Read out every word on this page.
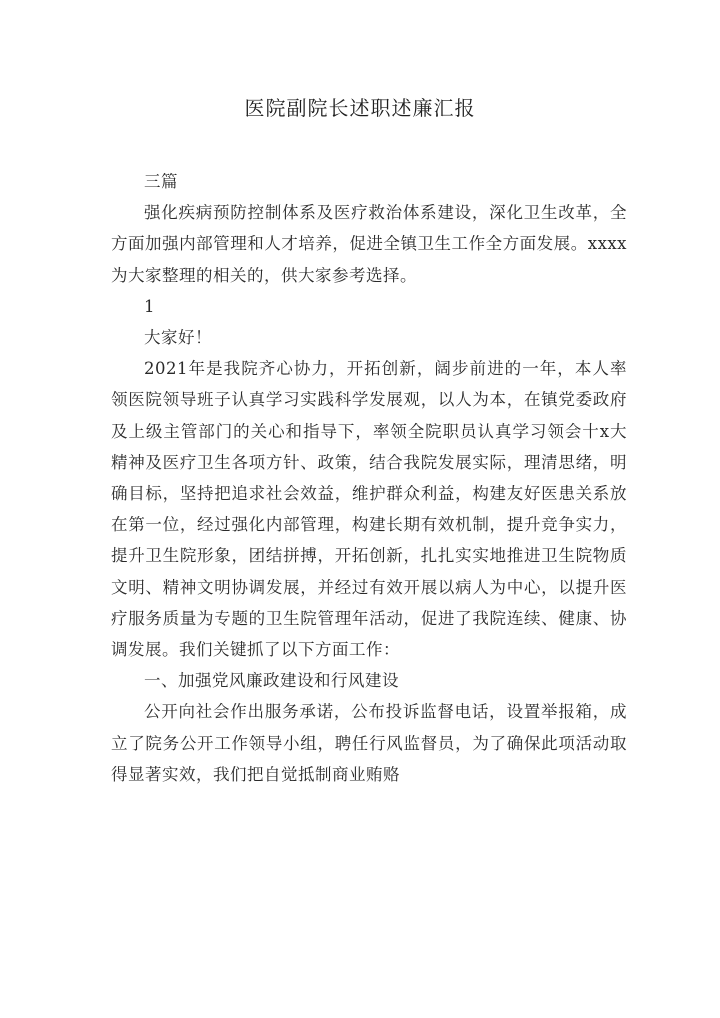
医院副院长述职述廉汇报

三篇

强化疾病预防控制体系及医疗救治体系建设，深化卫生改革，全方面加强内部管理和人才培养，促进全镇卫生工作全方面发展。xxxx为大家整理的相关的，供大家参考选择。

1

大家好！

2021年是我院齐心协力，开拓创新，阔步前进的一年，本人率领医院领导班子认真学习实践科学发展观，以人为本，在镇党委政府及上级主管部门的关心和指导下，率领全院职员认真学习领会十x大精神及医疗卫生各项方针、政策，结合我院发展实际，理清思绪，明确目标，坚持把追求社会效益，维护群众利益，构建友好医患关系放在第一位，经过强化内部管理，构建长期有效机制，提升竞争实力，提升卫生院形象，团结拼搏，开拓创新，扎扎实实地推进卫生院物质文明、精神文明协调发展，并经过有效开展以病人为中心，以提升医疗服务质量为专题的卫生院管理年活动，促进了我院连续、健康、协调发展。我们关键抓了以下方面工作：

一、加强党风廉政建设和行风建设

公开向社会作出服务承诺，公布投诉监督电话，设置举报箱，成立了院务公开工作领导小组，聘任行风监督员，为了确保此项活动取得显著实效，我们把自觉抵制商业贿赂
